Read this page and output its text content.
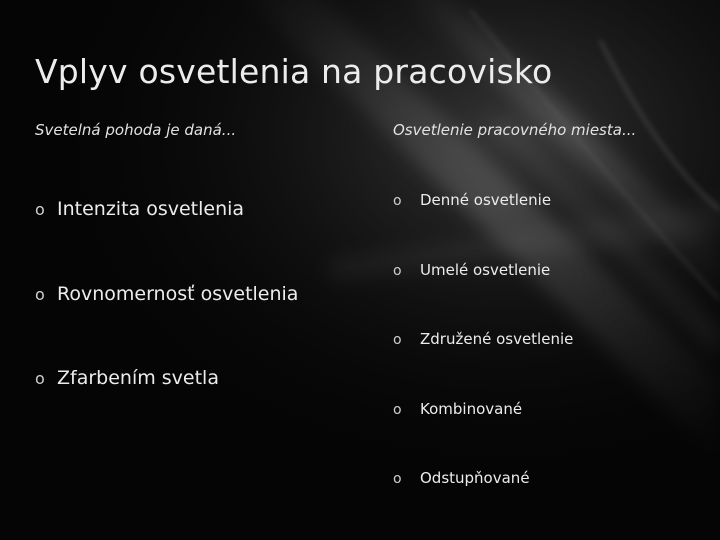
Vplyv osvetlenia na pracovisko

Svetelná pohoda je daná...

o Intenzita osvetlenia
o Rovnomernosť osvetlenia
o Zfarbením svetla

Osvetlenie pracovného miesta...

o Denné osvetlenie
o Umelé osvetlenie
o Združené osvetlenie
o Kombinované
o Odstupňované
